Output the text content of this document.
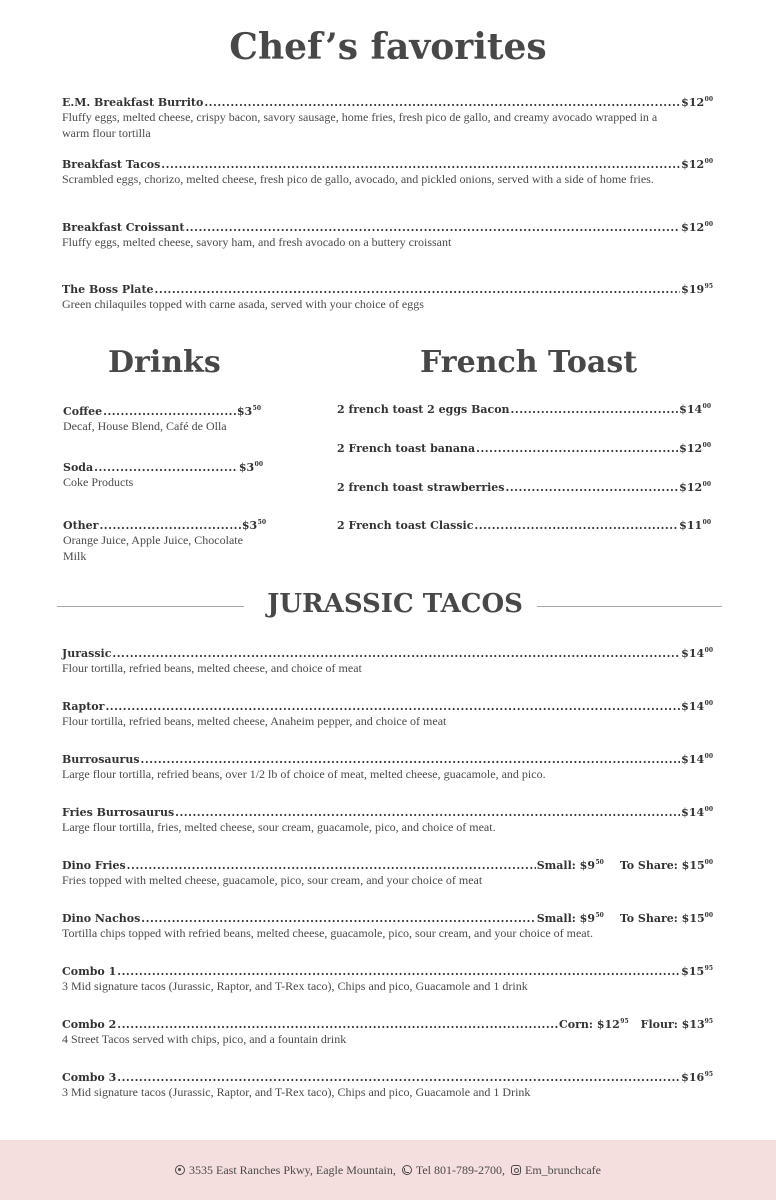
Chef’s favorites
E.M. Breakfast Burrito .....	$\$12^{00}$
Fluffy eggs, melted cheese, crispy bacon, savory sausage, home fries, fresh pico de gallo, and creamy avocado wrapped in a warm flour tortilla
Breakfast Tacos .....	$\$12^{00}$
Scrambled eggs, chorizo, melted cheese, fresh pico de gallo, avocado, and pickled onions, served with a side of home fries.
Breakfast Croissant .....	$\$12^{00}$
Fluffy eggs, melted cheese, savory ham, and fresh avocado on a buttery croissant
The Boss Plate .....	$\$19^{95}$
Green chilaquiles topped with carne asada, served with your choice of eggs
Drinks
Coffee .....	$\$3^{50}$
Decaf, House Blend, Café de Olla
Soda .....	$\$3^{00}$
Coke Products
Other .....	$\$3^{50}$
Orange Juice, Apple Juice, Chocolate Milk
French Toast
2 french toast 2 eggs Bacon .....	$\$14^{00}$
2 French toast banana .....	$\$12^{00}$
2 french toast strawberries .....	$\$12^{00}$
2 French toast Classic .....	$\$11^{00}$
JURASSIC TACOS
Jurassic .....	$\$14^{00}$
Flour tortilla, refried beans, melted cheese, and choice of meat
Raptor .....	$\$14^{00}$
Flour tortilla, refried beans, melted cheese, Anaheim pepper, and choice of meat
Burrosaurus .....	$\$14^{00}$
Large flour tortilla, refried beans, over 1/2 lb of choice of meat, melted cheese, guacamole, and pico.
Fries Burrosaurus .....	$\$14^{00}$
Large flour tortilla, fries, melted cheese, sour cream, guacamole, pico, and choice of meat.
Dino Fries .....	Small: $\$9^{50}$ To Share: $\$15^{00}$
Fries topped with melted cheese, guacamole, pico, sour cream, and your choice of meat
Dino Nachos .....	Small: $\$9^{50}$ To Share: $\$15^{00}$
Tortilla chips topped with refried beans, melted cheese, guacamole, pico, sour cream, and your choice of meat.
Combo 1 .....	$\$15^{95}$
3 Mid signature tacos (Jurassic, Raptor, and T-Rex taco), Chips and pico, Guacamole and 1 drink
Combo 2 .....	Corn: $\$12^{95}$ Flour: $\$13^{95}$
4 Street Tacos served with chips, pico, and a fountain drink
Combo 3 .....	$\$16^{95}$
3 Mid signature tacos (Jurassic, Raptor, and T-Rex taco), Chips and pico, Guacamole and 1 Drink
3535 East Ranches Pkwy, Eagle Mountain, Tel 801-789-2700, Em_brunchcafe
